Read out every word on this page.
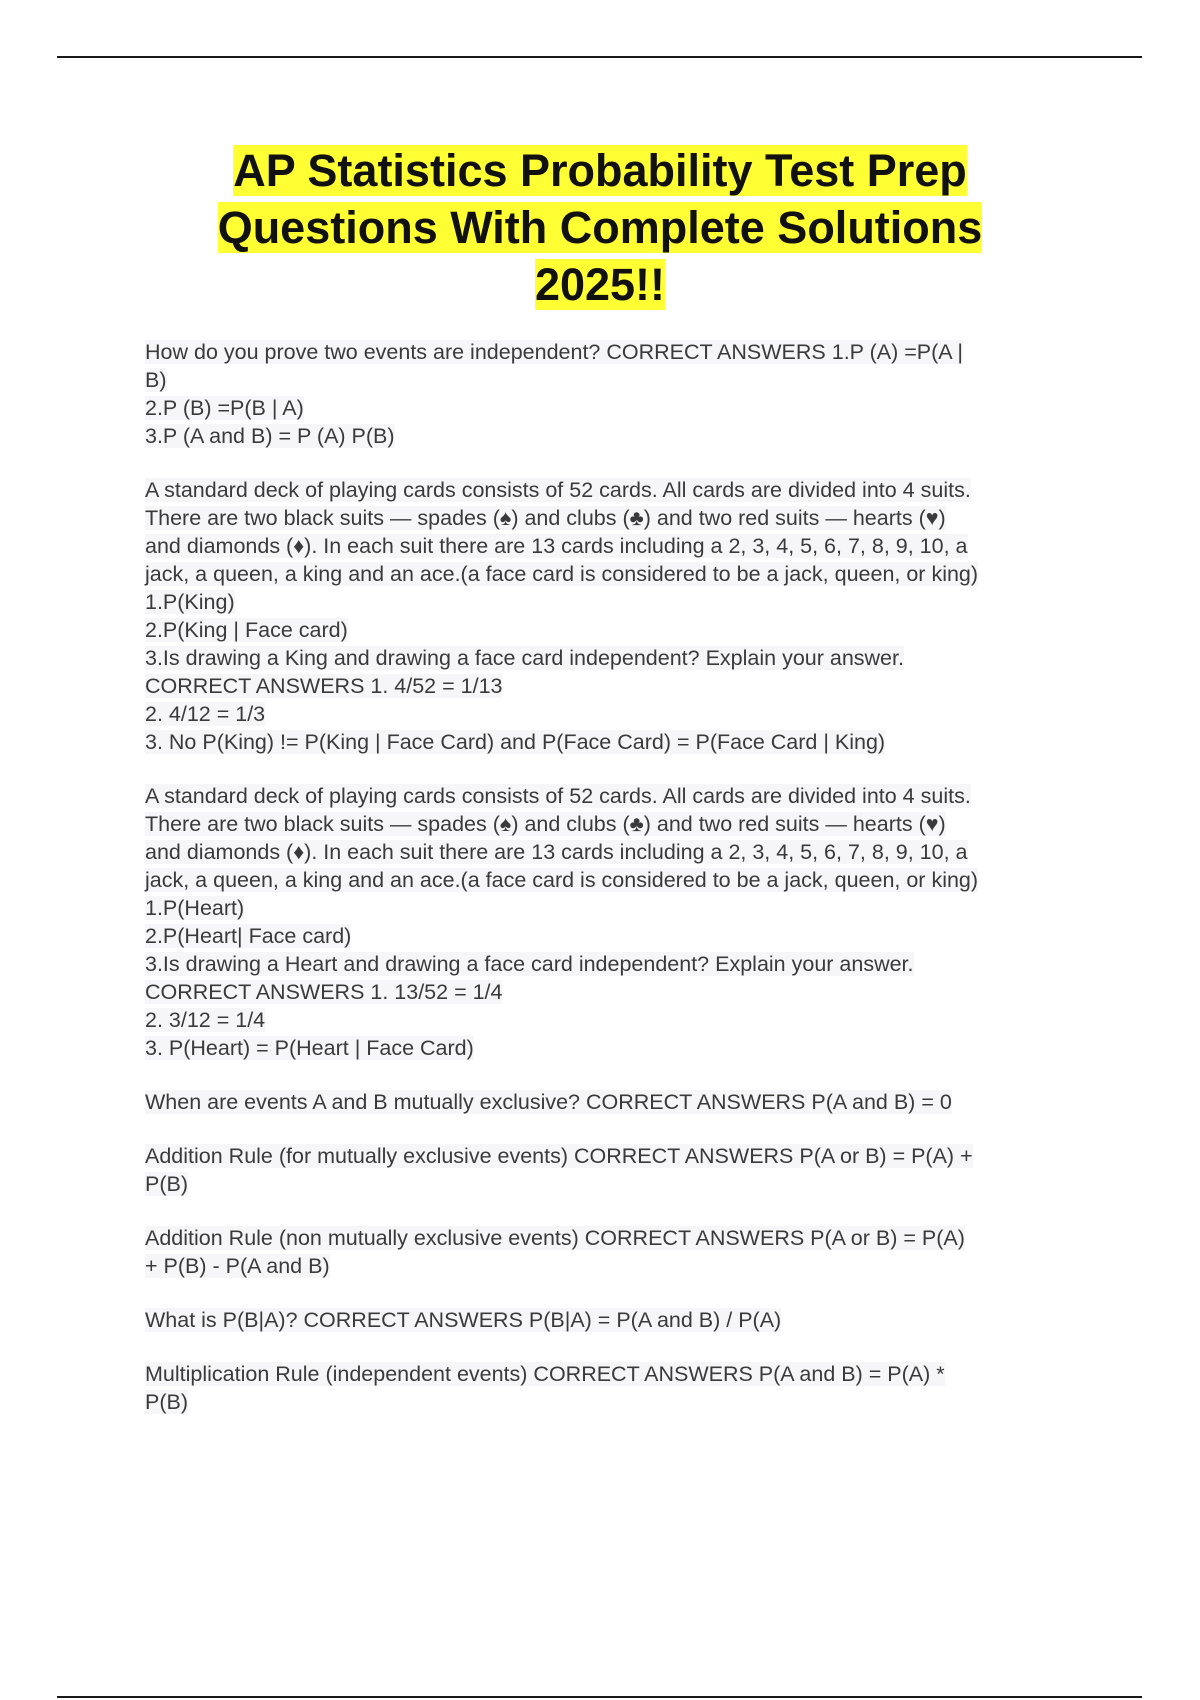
AP Statistics Probability Test Prep
Questions With Complete Solutions
2025!!
How do you prove two events are independent? CORRECT ANSWERS 1.P (A) =P(A |
B)
2.P (B) =P(B | A)
3.P (A and B) = P (A) P(B)
A standard deck of playing cards consists of 52 cards. All cards are divided into 4 suits.
There are two black suits — spades (♠) and clubs (♣) and two red suits — hearts (♥)
and diamonds (♦). In each suit there are 13 cards including a 2, 3, 4, 5, 6, 7, 8, 9, 10, a
jack, a queen, a king and an ace.(a face card is considered to be a jack, queen, or king)
1.P(King)
2.P(King | Face card)
3.Is drawing a King and drawing a face card independent? Explain your answer.
CORRECT ANSWERS 1. 4/52 = 1/13
2. 4/12 = 1/3
3. No P(King) != P(King | Face Card) and P(Face Card) = P(Face Card | King)
A standard deck of playing cards consists of 52 cards. All cards are divided into 4 suits.
There are two black suits — spades (♠) and clubs (♣) and two red suits — hearts (♥)
and diamonds (♦). In each suit there are 13 cards including a 2, 3, 4, 5, 6, 7, 8, 9, 10, a
jack, a queen, a king and an ace.(a face card is considered to be a jack, queen, or king)
1.P(Heart)
2.P(Heart| Face card)
3.Is drawing a Heart and drawing a face card independent? Explain your answer.
CORRECT ANSWERS 1. 13/52 = 1/4
2. 3/12 = 1/4
3. P(Heart) = P(Heart | Face Card)
When are events A and B mutually exclusive? CORRECT ANSWERS P(A and B) = 0
Addition Rule (for mutually exclusive events) CORRECT ANSWERS P(A or B) = P(A) +
P(B)
Addition Rule (non mutually exclusive events) CORRECT ANSWERS P(A or B) = P(A)
+ P(B) - P(A and B)
What is P(B|A)? CORRECT ANSWERS P(B|A) = P(A and B) / P(A)
Multiplication Rule (independent events) CORRECT ANSWERS P(A and B) = P(A) *
P(B)
